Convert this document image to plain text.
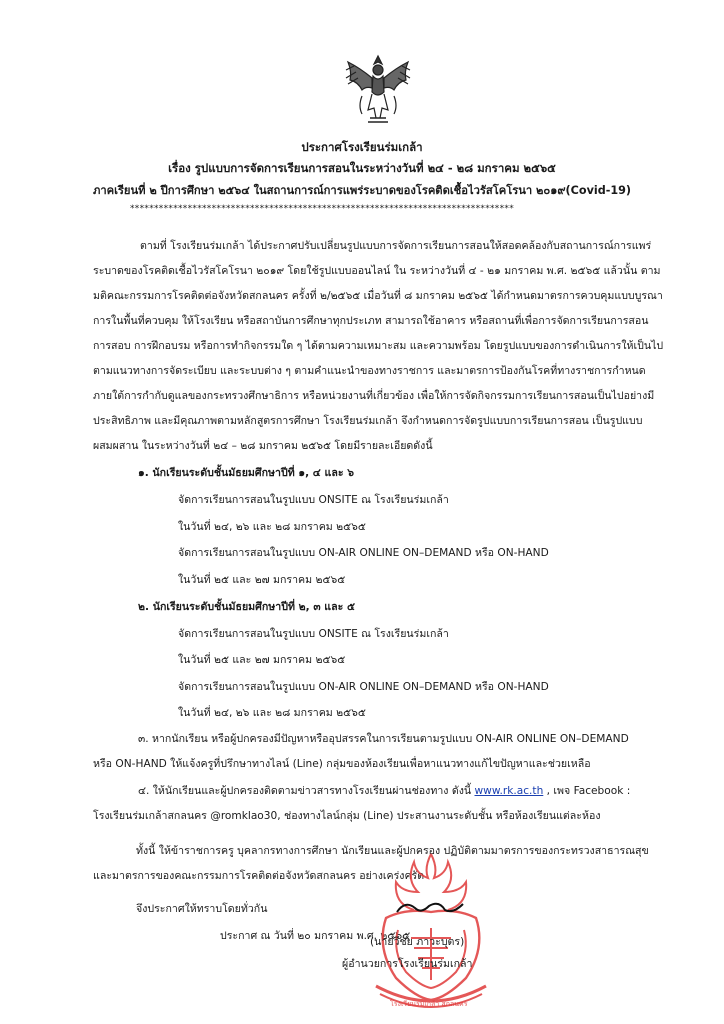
ประกาศโรงเรียนร่มเกล้า
เรื่อง รูปแบบการจัดการเรียนการสอนในระหว่างวันที่ ๒๔ - ๒๘ มกราคม ๒๕๖๕
ภาคเรียนที่ ๒ ปีการศึกษา ๒๕๖๔ ในสถานการณ์การแพร่ระบาดของโรคติดเชื้อไวรัสโคโรนา ๒๐๑๙(Covid-19)
********************************************************************************
ตามที่ โรงเรียนร่มเกล้า ได้ประกาศปรับเปลี่ยนรูปแบบการจัดการเรียนการสอนให้สอดคล้องกับสถานการณ์การแพร่
ระบาดของโรคติดเชื้อไวรัสโคโรนา ๒๐๑๙ โดยใช้รูปแบบออนไลน์ ใน ระหว่างวันที่ ๔ - ๒๑ มกราคม พ.ศ. ๒๕๖๕ แล้วนั้น ตาม
มติคณะกรรมการโรคติดต่อจังหวัดสกลนคร ครั้งที่ ๒/๒๕๖๕ เมื่อวันที่ ๘ มกราคม ๒๕๖๕ ได้กำหนดมาตรการควบคุมแบบบูรณา
การในพื้นที่ควบคุม ให้โรงเรียน หรือสถาบันการศึกษาทุกประเภท สามารถใช้อาคาร หรือสถานที่เพื่อการจัดการเรียนการสอน
การสอบ การฝึกอบรม หรือการทำกิจกรรมใด ๆ ได้ตามความเหมาะสม และความพร้อม โดยรูปแบบของการดำเนินการให้เป็นไป
ตามแนวทางการจัดระเบียบ และระบบต่าง ๆ ตามคำแนะนำของทางราชการ และมาตรการป้องกันโรคที่ทางราชการกำหนด
ภายใต้การกำกับดูแลของกระทรวงศึกษาธิการ หรือหน่วยงานที่เกี่ยวข้อง เพื่อให้การจัดกิจกรรมการเรียนการสอนเป็นไปอย่างมี
ประสิทธิภาพ และมีคุณภาพตามหลักสูตรการศึกษา โรงเรียนร่มเกล้า จึงกำหนดการจัดรูปแบบการเรียนการสอน เป็นรูปแบบ
ผสมผสาน ในระหว่างวันที่ ๒๔ – ๒๘ มกราคม ๒๕๖๕ โดยมีรายละเอียดดังนี้
๑. นักเรียนระดับชั้นมัธยมศึกษาปีที่ ๑, ๔ และ ๖
จัดการเรียนการสอนในรูปแบบ ONSITE ณ โรงเรียนร่มเกล้า
ในวันที่ ๒๔, ๒๖ และ ๒๘ มกราคม ๒๕๖๕
จัดการเรียนการสอนในรูปแบบ ON-AIR ONLINE ON–DEMAND หรือ ON-HAND
ในวันที่ ๒๕ และ ๒๗ มกราคม ๒๕๖๕
๒. นักเรียนระดับชั้นมัธยมศึกษาปีที่ ๒, ๓ และ ๕
จัดการเรียนการสอนในรูปแบบ ONSITE ณ โรงเรียนร่มเกล้า
ในวันที่ ๒๕ และ ๒๗ มกราคม ๒๕๖๕
จัดการเรียนการสอนในรูปแบบ ON-AIR ONLINE ON–DEMAND หรือ ON-HAND
ในวันที่ ๒๔, ๒๖ และ ๒๘ มกราคม ๒๕๖๕
๓. หากนักเรียน หรือผู้ปกครองมีปัญหาหรืออุปสรรคในการเรียนตามรูปแบบ ON-AIR ONLINE ON–DEMAND
หรือ ON-HAND ให้แจ้งครูที่ปรึกษาทางไลน์ (Line) กลุ่มของห้องเรียนเพื่อหาแนวทางแก้ไขปัญหาและช่วยเหลือ
๔. ให้นักเรียนและผู้ปกครองติดตามข่าวสารทางโรงเรียนผ่านช่องทาง ดังนี้ www.rk.ac.th , เพจ Facebook :
โรงเรียนร่มเกล้าสกลนคร @romklao30, ช่องทางไลน์กลุ่ม (Line) ประสานงานระดับชั้น หรือห้องเรียนแต่ละห้อง
ทั้งนี้ ให้ข้าราชการครู บุคลากรทางการศึกษา นักเรียนและผู้ปกครอง ปฏิบัติตามมาตรการของกระทรวงสาธารณสุข
และมาตรการของคณะกรรมการโรคติดต่อจังหวัดสกลนคร อย่างเคร่งครัด
จึงประกาศให้ทราบโดยทั่วกัน
ประกาศ ณ วันที่ ๒๐ มกราคม พ.ศ. ๒๕๖๕
โรงเรียนร่มเกล้า สกลนคร
(นายวิชัย ภาวะบุตร)
ผู้อำนวยการโรงเรียนร่มเกล้า
